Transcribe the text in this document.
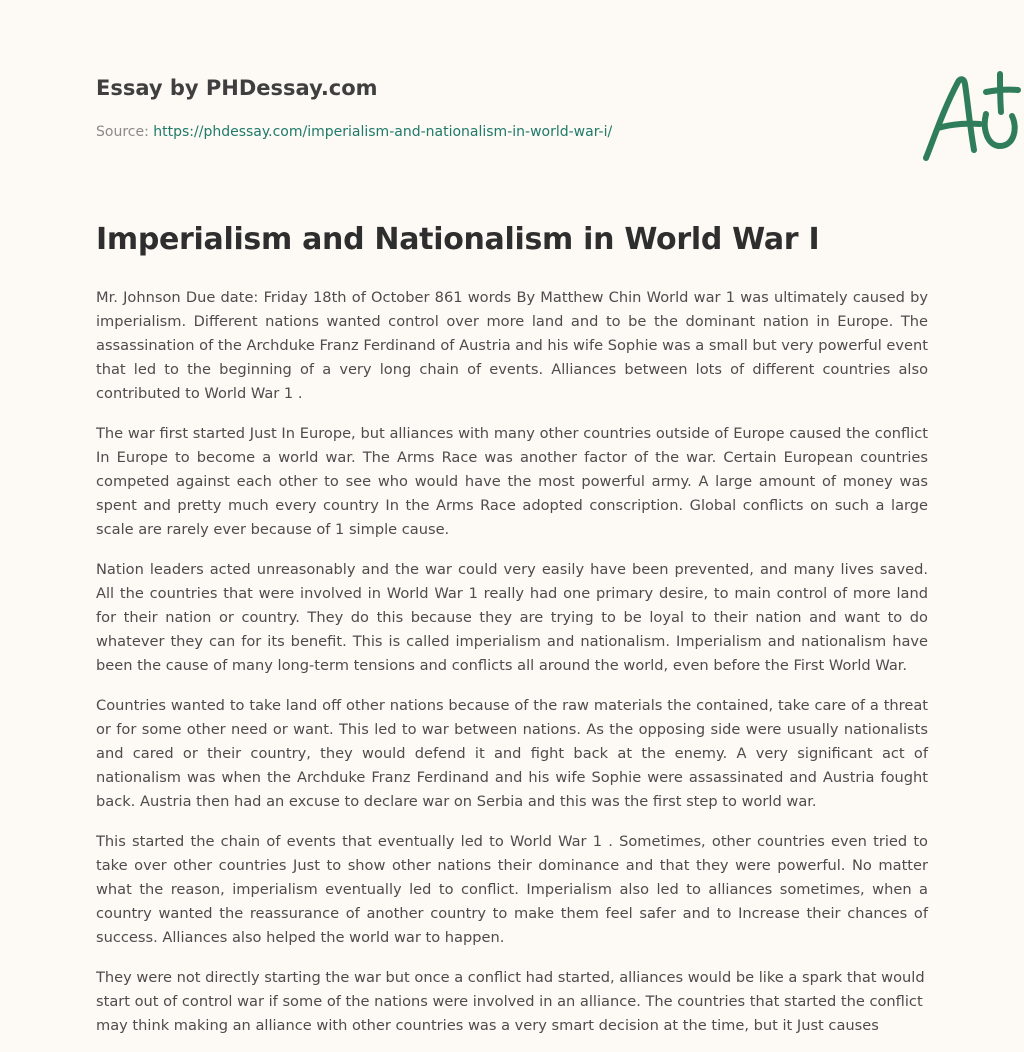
Essay by PHDessay.com
Source: https://phdessay.com/imperialism-and-nationalism-in-world-war-i/
Imperialism and Nationalism in World War I

Mr. Johnson Due date: Friday 18th of October 861 words By Matthew Chin World war 1 was ultimately caused by imperialism. Different nations wanted control over more land and to be the dominant nation in Europe. The assassination of the Archduke Franz Ferdinand of Austria and his wife Sophie was a small but very powerful event that led to the beginning of a very long chain of events. Alliances between lots of different countries also contributed to World War 1 .

The war first started Just In Europe, but alliances with many other countries outside of Europe caused the conflict In Europe to become a world war. The Arms Race was another factor of the war. Certain European countries competed against each other to see who would have the most powerful army. A large amount of money was spent and pretty much every country In the Arms Race adopted conscription. Global conflicts on such a large scale are rarely ever because of 1 simple cause.

Nation leaders acted unreasonably and the war could very easily have been prevented, and many lives saved. All the countries that were involved in World War 1 really had one primary desire, to main control of more land for their nation or country. They do this because they are trying to be loyal to their nation and want to do whatever they can for its benefit. This is called imperialism and nationalism. Imperialism and nationalism have been the cause of many long-term tensions and conflicts all around the world, even before the First World War.

Countries wanted to take land off other nations because of the raw materials the contained, take care of a threat or for some other need or want. This led to war between nations. As the opposing side were usually nationalists and cared or their country, they would defend it and fight back at the enemy. A very significant act of nationalism was when the Archduke Franz Ferdinand and his wife Sophie were assassinated and Austria fought back. Austria then had an excuse to declare war on Serbia and this was the first step to world war.

This started the chain of events that eventually led to World War 1 . Sometimes, other countries even tried to take over other countries Just to show other nations their dominance and that they were powerful. No matter what the reason, imperialism eventually led to conflict. Imperialism also led to alliances sometimes, when a country wanted the reassurance of another country to make them feel safer and to Increase their chances of success. Alliances also helped the world war to happen.

They were not directly starting the war but once a conflict had started, alliances would be like a spark that would start out of control war if some of the nations were involved in an alliance. The countries that started the conflict may think making an alliance with other countries was a very smart decision at the time, but it Just causes
